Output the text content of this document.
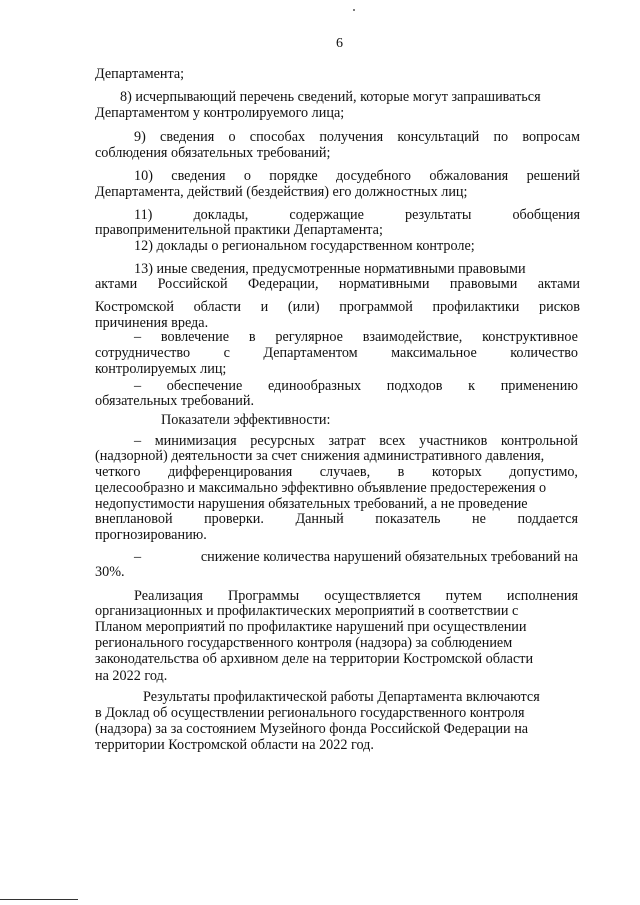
6
Департамента;
8) исчерпывающий перечень сведений, которые могут запрашиваться
Департаментом у контролируемого лица;
9) сведения о способах получения консультаций по вопросам
соблюдения обязательных требований;
10) сведения о порядке досудебного обжалования решений
Департамента, действий (бездействия) его должностных лиц;
11)	доклады,	содержащие	результаты	обобщения
правоприменительной практики Департамента;
12) доклады о региональном государственном контроле;
13) иные сведения, предусмотренные нормативными правовыми
актами Российской Федерации, нормативными правовыми актами
Костромской области и (или) программой профилактики рисков
причинения вреда.
– вовлечение в регулярное взаимодействие, конструктивное
сотрудничество с Департаментом максимальное количество
контролируемых лиц;
– обеспечение единообразных подходов к применению
обязательных требований.
Показатели эффективности:
– минимизация ресурсных затрат всех участников контрольной
(надзорной) деятельности за счет снижения административного давления,
четкого дифференцирования случаев, в которых допустимо,
целесообразно и максимально эффективно объявление предостережения о
недопустимости нарушения обязательных требований, а не проведение
внеплановой проверки. Данный показатель не поддается
прогнозированию.
–	снижение количества нарушений обязательных требований на
30%.
Реализация Программы осуществляется путем исполнения
организационных и профилактических мероприятий в соответствии с
Планом мероприятий по профилактике нарушений при осуществлении
регионального государственного контроля (надзора) за соблюдением
законодательства об архивном деле на территории Костромской области
на 2022 год.
Результаты профилактической работы Департамента включаются
в Доклад об осуществлении регионального государственного контроля
(надзора) за за состоянием Музейного фонда Российской Федерации на
территории Костромской области на 2022 год.
